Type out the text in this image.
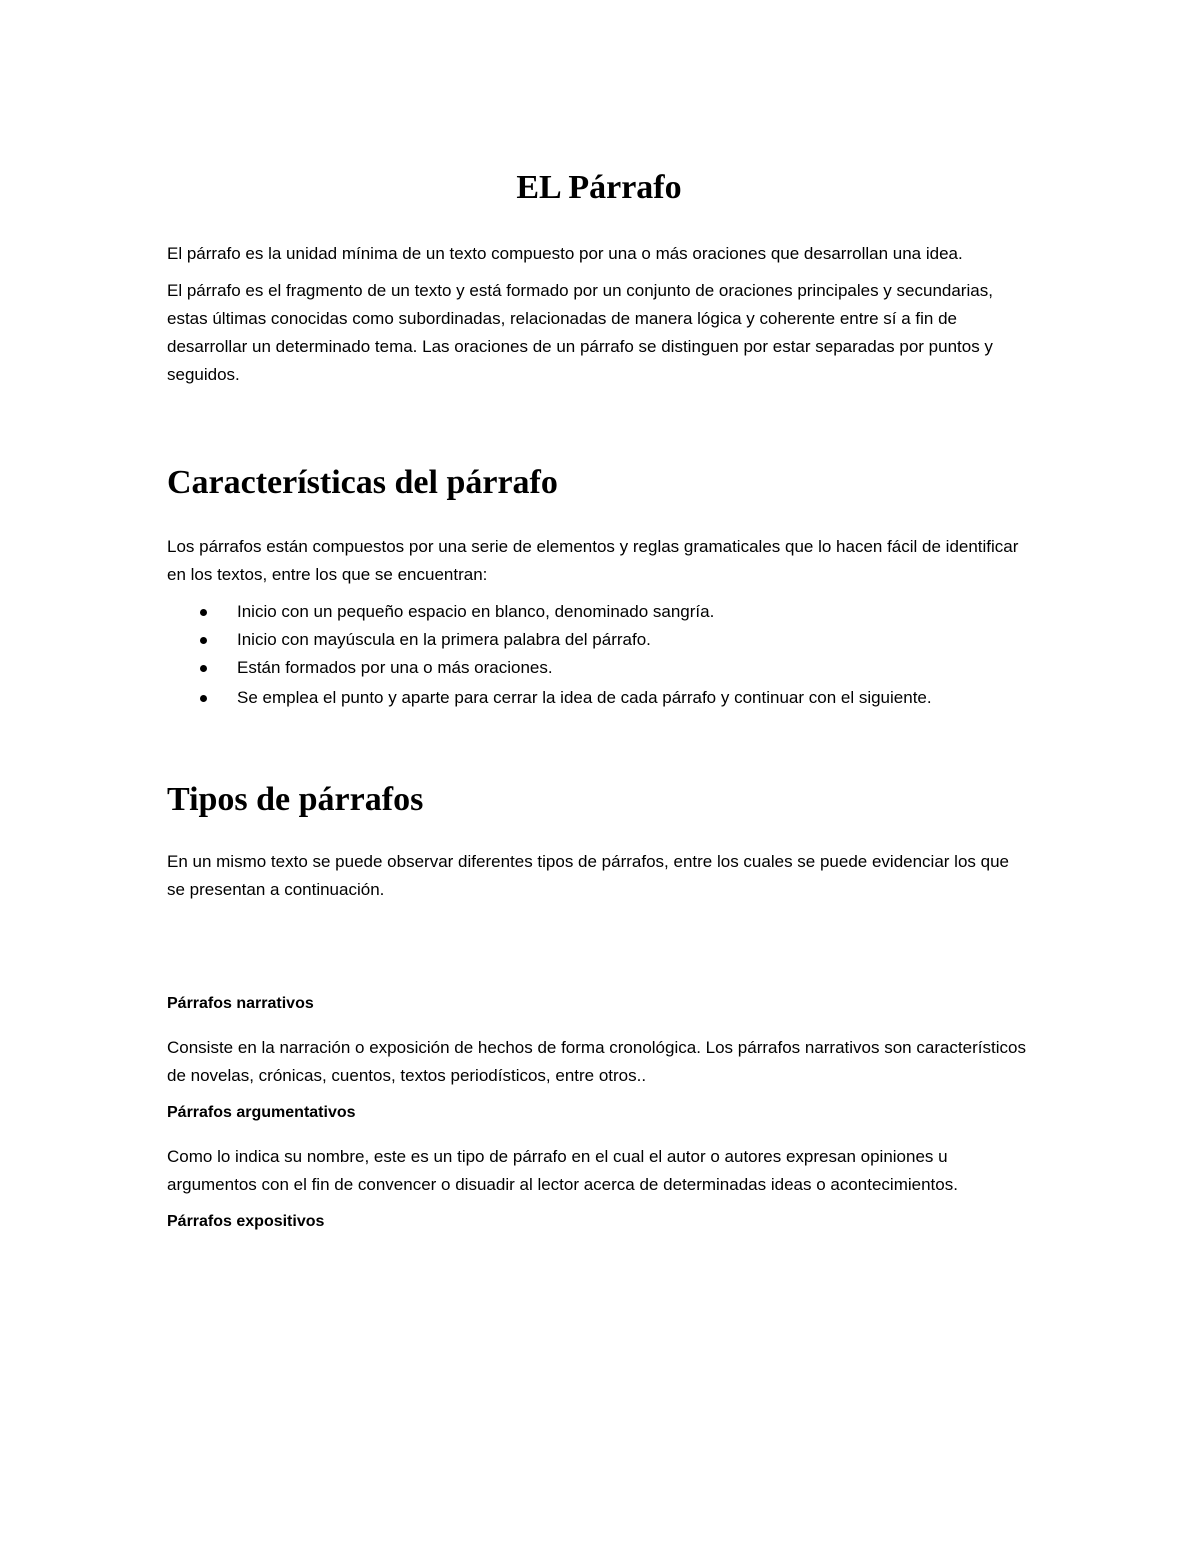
EL Párrafo

El párrafo es la unidad mínima de un texto compuesto por una o más oraciones que desarrollan una idea.

El párrafo es el fragmento de un texto y está formado por un conjunto de oraciones principales y secundarias, estas últimas conocidas como subordinadas, relacionadas de manera lógica y coherente entre sí a fin de desarrollar un determinado tema. Las oraciones de un párrafo se distinguen por estar separadas por puntos y seguidos.

Características del párrafo

Los párrafos están compuestos por una serie de elementos y reglas gramaticales que lo hacen fácil de identificar en los textos, entre los que se encuentran:

Inicio con un pequeño espacio en blanco, denominado sangría.
Inicio con mayúscula en la primera palabra del párrafo.
Están formados por una o más oraciones.
Se emplea el punto y aparte para cerrar la idea de cada párrafo y continuar con el siguiente.
Tipos de párrafos

En un mismo texto se puede observar diferentes tipos de párrafos, entre los cuales se puede evidenciar los que se presentan a continuación.

Párrafos narrativos

Consiste en la narración o exposición de hechos de forma cronológica. Los párrafos narrativos son característicos de novelas, crónicas, cuentos, textos periodísticos, entre otros..

Párrafos argumentativos

Como lo indica su nombre, este es un tipo de párrafo en el cual el autor o autores expresan opiniones u argumentos con el fin de convencer o disuadir al lector acerca de determinadas ideas o acontecimientos.

Párrafos expositivos
